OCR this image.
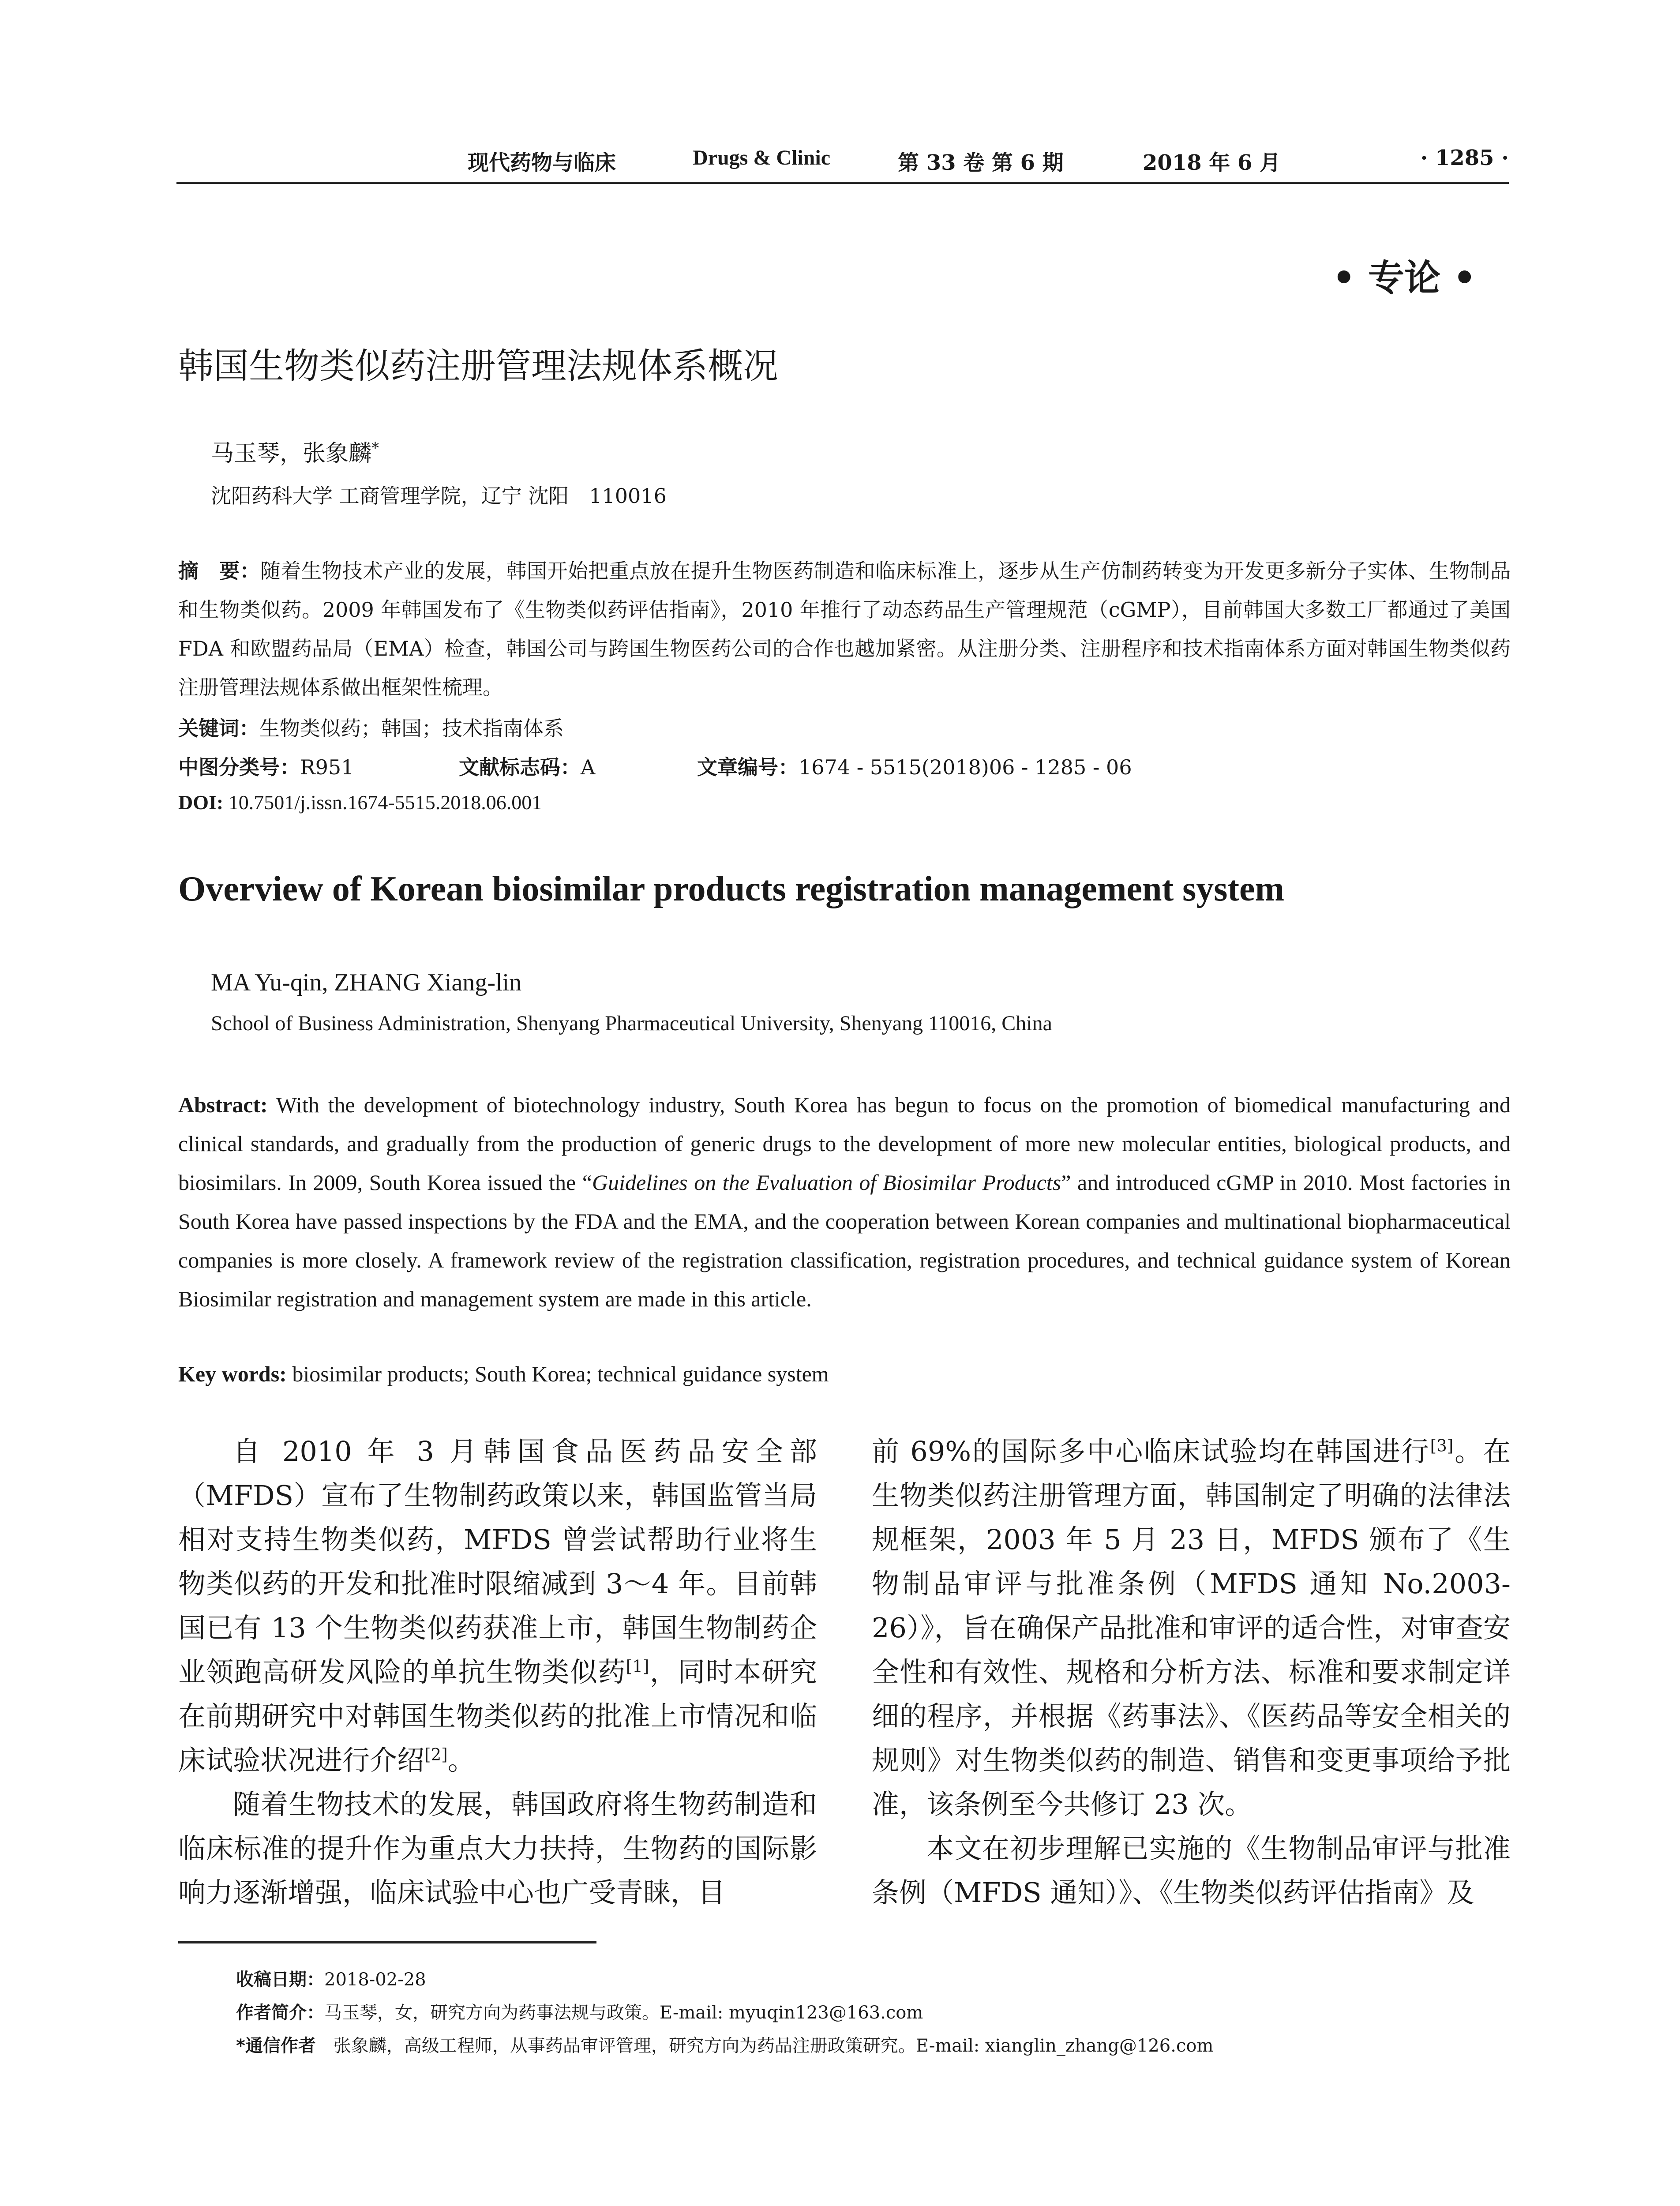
现代药物与临床	Drugs & Clinic	第 33 卷 第 6 期	2018 年 6 月	· 1285 ·
• 专论 •
韩国生物类似药注册管理法规体系概况
马玉琴，张象麟*
沈阳药科大学 工商管理学院，辽宁 沈阳　110016
摘　要：随着生物技术产业的发展，韩国开始把重点放在提升生物医药制造和临床标准上，逐步从生产仿制药转变为开发更多新分子实体、生物制品和生物类似药。2009 年韩国发布了《生物类似药评估指南》，2010 年推行了动态药品生产管理规范（cGMP），目前韩国大多数工厂都通过了美国 FDA 和欧盟药品局（EMA）检查，韩国公司与跨国生物医药公司的合作也越加紧密。从注册分类、注册程序和技术指南体系方面对韩国生物类似药注册管理法规体系做出框架性梳理。
关键词：生物类似药；韩国；技术指南体系
中图分类号：R951	文献标志码：A	文章编号：1674 - 5515(2018)06 - 1285 - 06
DOI: 10.7501/j.issn.1674-5515.2018.06.001
Overview of Korean biosimilar products registration management system
MA Yu-qin, ZHANG Xiang-lin
School of Business Administration, Shenyang Pharmaceutical University, Shenyang 110016, China
Abstract: With the development of biotechnology industry, South Korea has begun to focus on the promotion of biomedical manufacturing and clinical standards, and gradually from the production of generic drugs to the development of more new molecular entities, biological products, and biosimilars. In 2009, South Korea issued the “Guidelines on the Evaluation of Biosimilar Products” and introduced cGMP in 2010. Most factories in South Korea have passed inspections by the FDA and the EMA, and the cooperation between Korean companies and multinational biopharmaceutical companies is more closely. A framework review of the registration classification, registration procedures, and technical guidance system of Korean Biosimilar registration and management system are made in this article.
Key words: biosimilar products; South Korea; technical guidance system

自 2010 年 3 月韩国食品医药品安全部（MFDS）宣布了生物制药政策以来，韩国监管当局相对支持生物类似药，MFDS 曾尝试帮助行业将生物类似药的开发和批准时限缩减到 3～4 年。目前韩国已有 13 个生物类似药获准上市，韩国生物制药企业领跑高研发风险的单抗生物类似药[1]，同时本研究在前期研究中对韩国生物类似药的批准上市情况和临床试验状况进行介绍[2]。

随着生物技术的发展，韩国政府将生物药制造和临床标准的提升作为重点大力扶持，生物药的国际影响力逐渐增强，临床试验中心也广受青睐，目

前 69%的国际多中心临床试验均在韩国进行[3]。在生物类似药注册管理方面，韩国制定了明确的法律法规框架，2003 年 5 月 23 日，MFDS 颁布了《生物制品审评与批准条例（MFDS 通知 No.2003-26）》，旨在确保产品批准和审评的适合性，对审查安全性和有效性、规格和分析方法、标准和要求制定详细的程序，并根据《药事法》、《医药品等安全相关的规则》对生物类似药的制造、销售和变更事项给予批准，该条例至今共修订 23 次。

本文在初步理解已实施的《生物制品审评与批准条例（MFDS 通知）》、《生物类似药评估指南》及

收稿日期：2018-02-28
作者简介：马玉琴，女，研究方向为药事法规与政策。E-mail: myuqin123@163.com
*通信作者　张象麟，高级工程师，从事药品审评管理，研究方向为药品注册政策研究。E-mail: xianglin_zhang@126.com
